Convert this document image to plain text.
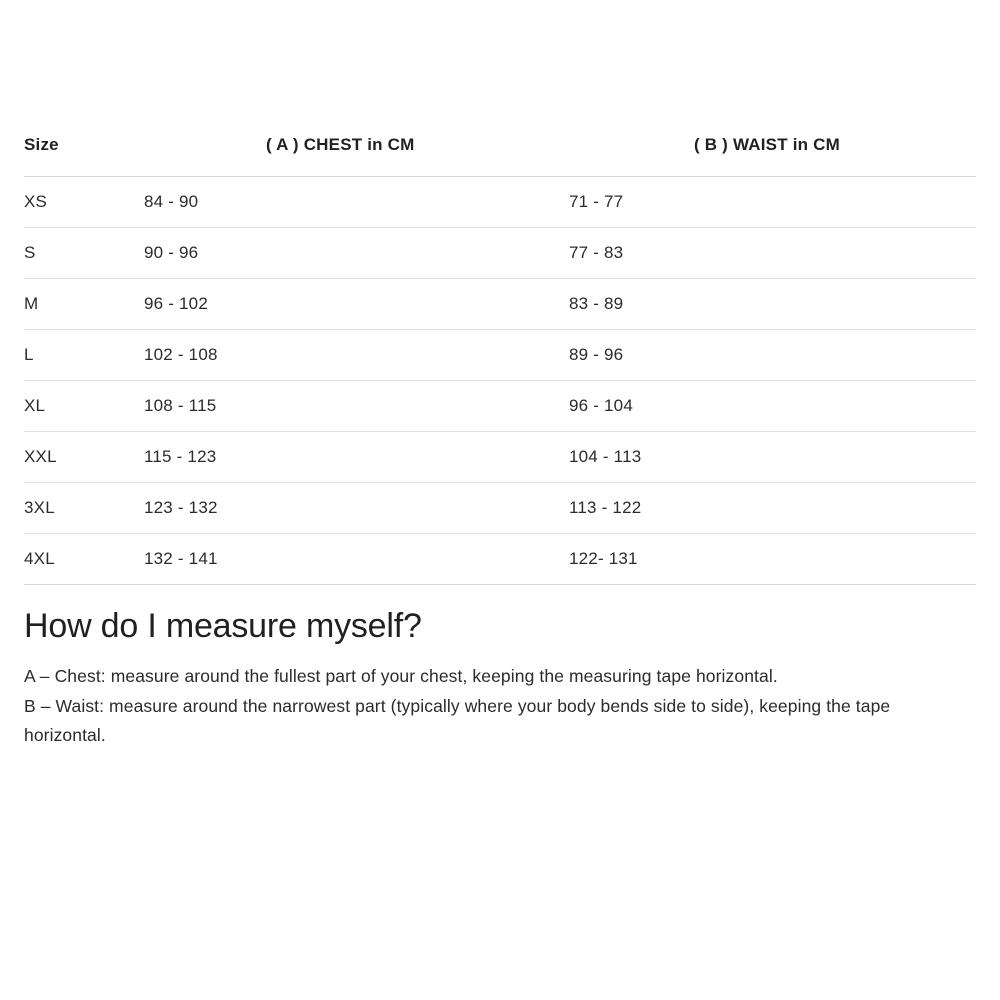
Size	( A ) CHEST in CM	( B ) WAIST in CM
XS	84 - 90	71 - 77
S	90 - 96	77 - 83
M	96 - 102	83 - 89
L	102 - 108	89 - 96
XL	108 - 115	96 - 104
XXL	115 - 123	104 - 113
3XL	123 - 132	113 - 122
4XL	132 - 141	122- 131
How do I measure myself?

A – Chest: measure around the fullest part of your chest, keeping the measuring tape horizontal.

B – Waist: measure around the narrowest part (typically where your body bends side to side), keeping the tape horizontal.
